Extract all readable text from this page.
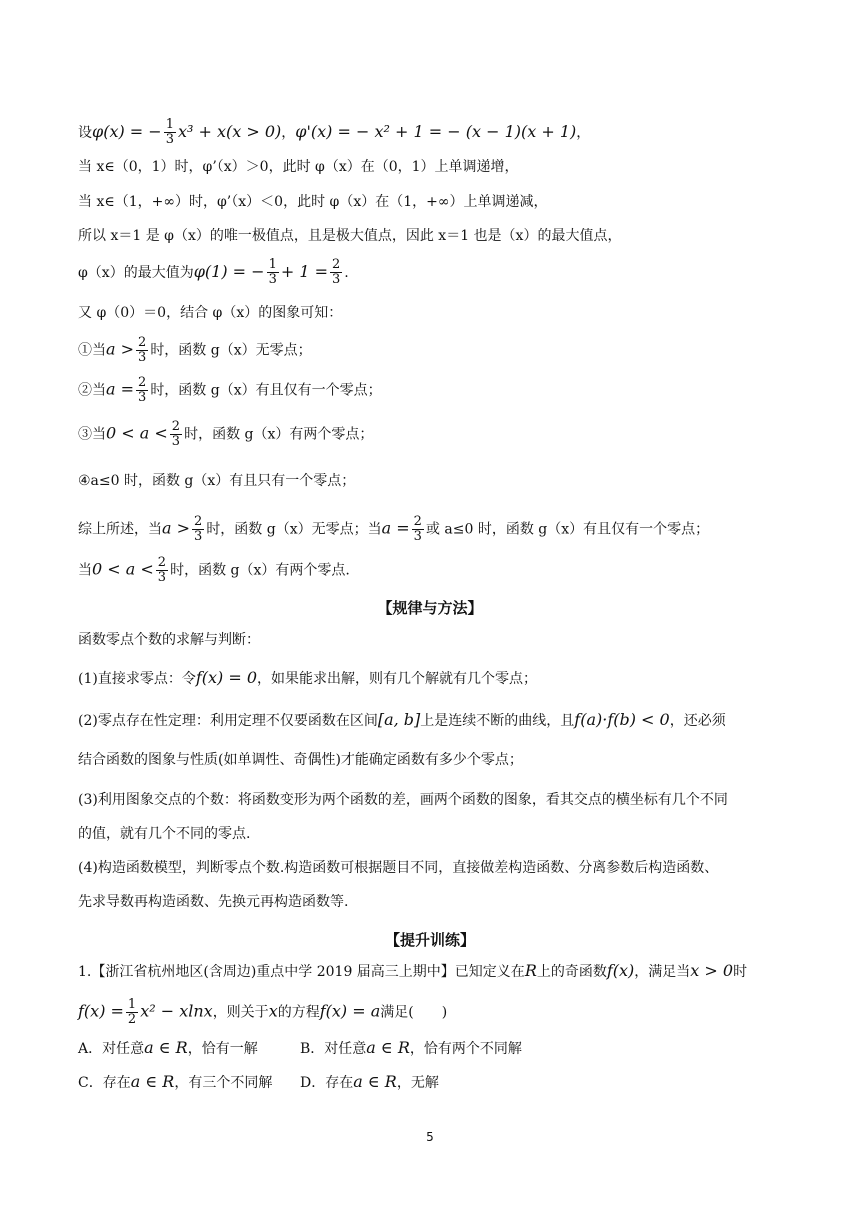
设φ(x) = − $\frac{1}{3} x^3 + x(x > 0)$，φ'(x) = − x² + 1 = − (x − 1)(x + 1)，
当 x∈（0，1）时，φ’（x）＞0，此时 φ（x）在（0，1）上单调递增，
当 x∈（1，+∞）时，φ’（x）＜0，此时 φ（x）在（1，+∞）上单调递减，
所以 x＝1 是 φ（x）的唯一极值点，且是极大值点，因此 x＝1 也是（x）的最大值点，
φ（x）的最大值为φ(1) = − $\frac{1}{3} + 1 = \frac{2}{3}$ .
又 φ（0）＝0，结合 φ（x）的图象可知：
①当$a > \frac{2}{3}$ 时，函数 g（x）无零点；
②当$a = \frac{2}{3}$ 时，函数 g（x）有且仅有一个零点；
③当$0 < a < \frac{2}{3}$ 时，函数 g（x）有两个零点；
④a≤0 时，函数 g（x）有且只有一个零点；
综上所述，当$a > \frac{2}{3}$ 时，函数 g（x）无零点；当$a = \frac{2}{3}$ 或 a≤0 时，函数 g（x）有且仅有一个零点；
当$0 < a < \frac{2}{3}$ 时，函数 g（x）有两个零点.
【规律与方法】
函数零点个数的求解与判断：
(1)直接求零点：令f(x) = 0，如果能求出解，则有几个解就有几个零点；
(2)零点存在性定理：利用定理不仅要函数在区间[a, b]上是连续不断的曲线，且f(a)·f(b) < 0，还必须
结合函数的图象与性质(如单调性、奇偶性)才能确定函数有多少个零点；
(3)利用图象交点的个数：将函数变形为两个函数的差，画两个函数的图象，看其交点的横坐标有几个不同
的值，就有几个不同的零点.
(4)构造函数模型，判断零点个数.构造函数可根据题目不同，直接做差构造函数、分离参数后构造函数、
先求导数再构造函数、先换元再构造函数等.
【提升训练】
1.【浙江省杭州地区(含周边)重点中学 2019 届高三上期中】已知定义在R上的奇函数f(x)，满足当x > 0时
$f(x) = \frac{1}{2} x^2 - xlnx$，则关于x的方程f(x) = a满足(　　)
A．对任意a ∈ R，恰有一解	B．对任意a ∈ R，恰有两个不同解
C．存在a ∈ R，有三个不同解 D．存在a ∈ R，无解
5
